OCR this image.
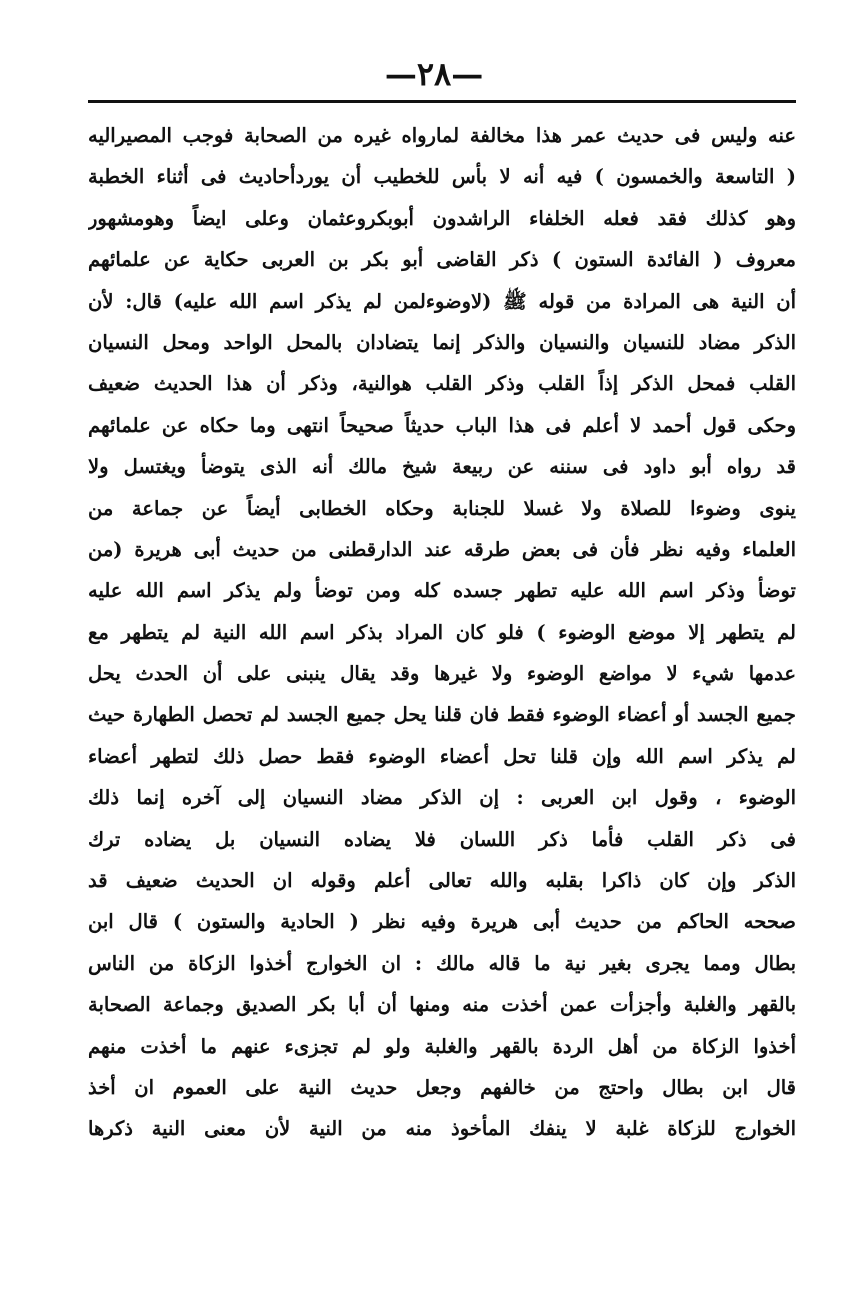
—٢٨—
عنه وليس فى حديث عمر هذا مخالفة لمارواه غيره من الصحابة فوجب المصيراليه
( التاسعة والخمسون ) فيه أنه لا بأس للخطيب أن يوردأحاديث فى أثناء الخطبة
وهو كذلك فقد فعله الخلفاء الراشدون أبوبكروعثمان وعلى ايضاً وهومشهور
معروف ( الفائدة الستون ) ذكر القاضى أبو بكر بن العربى حكاية عن علمائهم
أن النية هى المرادة من قوله ﷺ (لاوضوءلمن لم يذكر اسم الله عليه) قال: لأن
الذكر مضاد للنسيان والنسيان والذكر إنما يتضادان بالمحل الواحد ومحل النسيان
القلب فمحل الذكر إذاً القلب وذكر القلب هوالنية، وذكر أن هذا الحديث ضعيف
وحكى قول أحمد لا أعلم فى هذا الباب حديثاً صحيحاً انتهى وما حكاه عن علمائهم
قد رواه أبو داود فى سننه عن ربيعة شيخ مالك أنه الذى يتوضأ ويغتسل ولا
ينوى وضوءا للصلاة ولا غسلا للجنابة وحكاه الخطابى أيضاً عن جماعة من
العلماء وفيه نظر فأن فى بعض طرقه عند الدارقطنى من حديث أبى هريرة (من
توضأ وذكر اسم الله عليه تطهر جسده كله ومن توضأ ولم يذكر اسم الله عليه
لم يتطهر إلا موضع الوضوء ) فلو كان المراد بذكر اسم الله النية لم يتطهر مع
عدمها شيء لا مواضع الوضوء ولا غيرها وقد يقال ينبنى على أن الحدث يحل
جميع الجسد أو أعضاء الوضوء فقط فان قلنا يحل جميع الجسد لم تحصل الطهارة حيث
لم يذكر اسم الله وإن قلنا تحل أعضاء الوضوء فقط حصل ذلك لتطهر أعضاء
الوضوء ، وقول ابن العربى : إن الذكر مضاد النسيان إلى آخره إنما ذلك
فى ذكر القلب فأما ذكر اللسان فلا يضاده النسيان بل يضاده ترك
الذكر وإن كان ذاكرا بقلبه والله تعالى أعلم وقوله ان الحديث ضعيف قد
صححه الحاكم من حديث أبى هريرة وفيه نظر ( الحادية والستون ) قال ابن
بطال ومما يجرى بغير نية ما قاله مالك : ان الخوارج أخذوا الزكاة من الناس
بالقهر والغلبة وأجزأت عمن أخذت منه ومنها أن أبا بكر الصديق وجماعة الصحابة
أخذوا الزكاة من أهل الردة بالقهر والغلبة ولو لم تجزىء عنهم ما أخذت منهم
قال ابن بطال واحتج من خالفهم وجعل حديث النية على العموم ان أخذ
الخوارج للزكاة غلبة لا ينفك المأخوذ منه من النية لأن معنى النية ذكرها
